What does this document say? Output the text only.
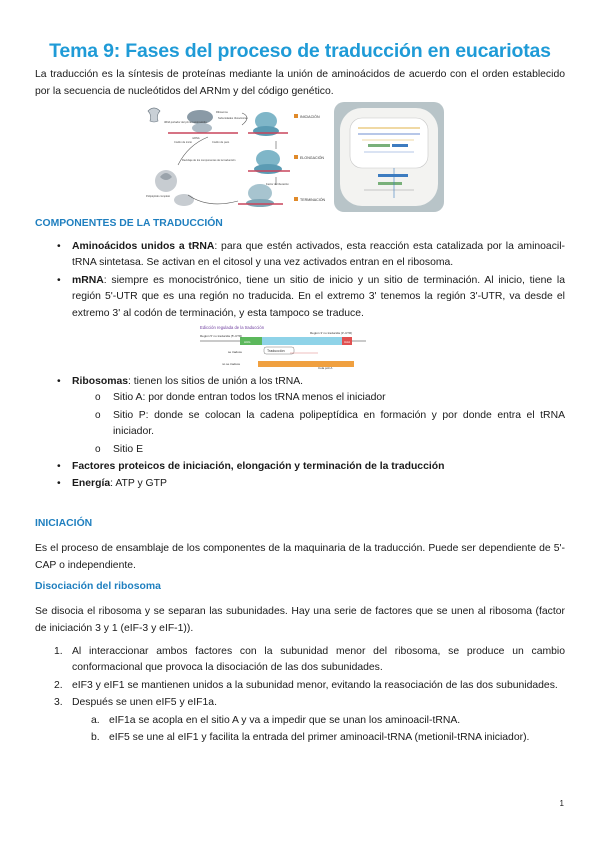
Tema 9: Fases del proceso de traducción en eucariotas
La traducción es la síntesis de proteínas mediante la unión de aminoácidos de acuerdo con el orden establecido por la secuencia de nucleótidos del ARNm y del código genético.
INICIACIÓN
ELONGACIÓN
TERMINACIÓN
tRNA portador del primer aminoácido
Ribosoma
Subunidades ribosómicas
mRNA
Codón de inicio	Codón de paro
Factor de liberación
Polipéptido completo
Reciclaje de los componentes de la traducción
COMPONENTES DE LA TRADUCCIÓN
• Aminoácidos unidos a tRNA: para que estén activados, esta reacción esta catalizada por la aminoacil-tRNA sintetasa. Se activan en el citosol y una vez activados entran en el ribosoma.
• mRNA: siempre es monocistrónico, tiene un sitio de inicio y un sitio de terminación. Al inicio, tiene la región 5'-UTR que es una región no traducida. En el extremo 3' tenemos la región 3'-UTR, va desde el extremo 3' al codón de terminación, y esta tampoco se traduce.
Edicción regulada de la traducción
Región 5' no traducida (5'-UTR)
Región 3' no traducida (3'-UTR)
AUG	UAA
Traducción
Cola poli A
se traduce
no se traduce
• Ribosomas: tienen los sitios de unión a los tRNA.
o Sitio A: por donde entran todos los tRNA menos el iniciador
o Sitio P: donde se colocan la cadena polipeptídica en formación y por donde entra el tRNA iniciador.
o Sitio E
• Factores proteicos de iniciación, elongación y terminación de la traducción
• Energía: ATP y GTP
INICIACIÓN
Es el proceso de ensamblaje de los componentes de la maquinaria de la traducción. Puede ser dependiente de 5'-CAP o independiente.
Disociación del ribosoma
Se disocia el ribosoma y se separan las subunidades. Hay una serie de factores que se unen al ribosoma (factor de iniciación 3 y 1 (eIF-3 y eIF-1)).
1. Al interaccionar ambos factores con la subunidad menor del ribosoma, se produce un cambio conformacional que provoca la disociación de las dos subunidades.
2. eIF3 y eIF1 se mantienen unidos a la subunidad menor, evitando la reasociación de las dos subunidades.
3. Después se unen eIF5 y eIF1a.
a. eIF1a se acopla en el sitio A y va a impedir que se unan los aminoacil-tRNA.
b. eIF5 se une al eIF1 y facilita la entrada del primer aminoacil-tRNA (metionil-tRNA iniciador).
1
